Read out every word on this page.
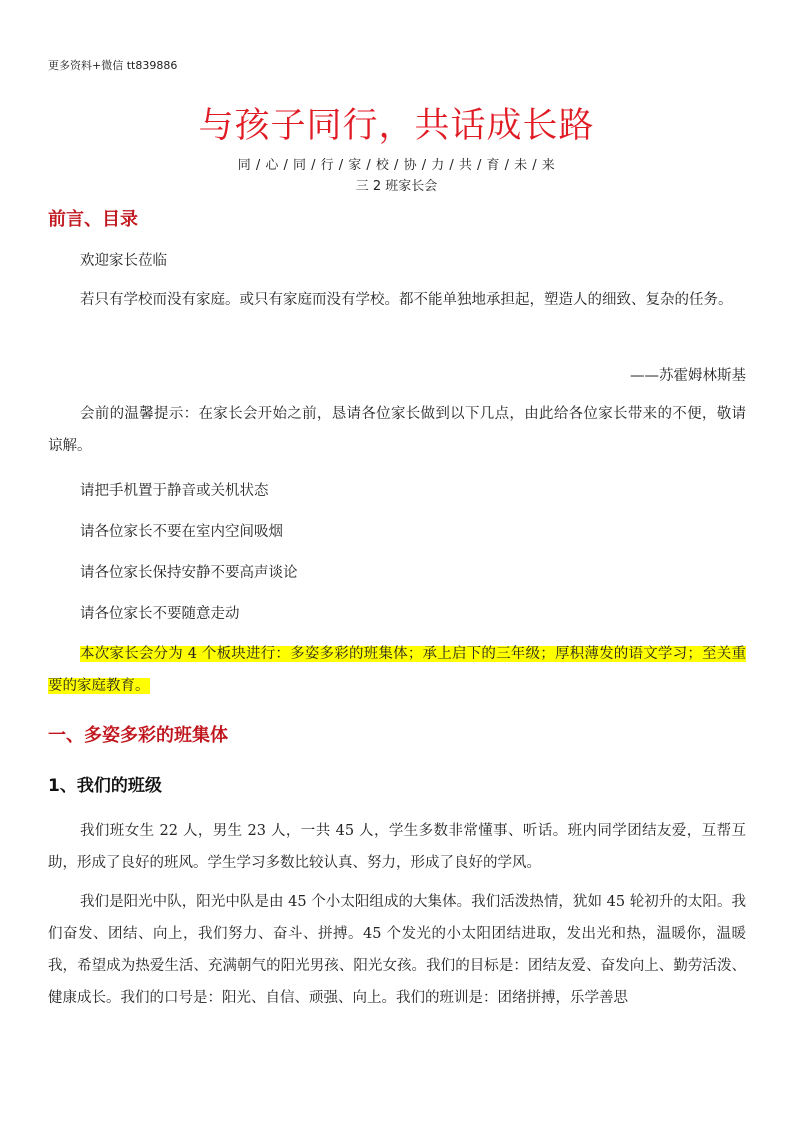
更多资料+微信 tt839886
与孩子同行，共话成长路
同 / 心 / 同 / 行 / 家 / 校 / 协 / 力 / 共 / 育 / 未 / 来
三 2 班家长会
前言、目录
欢迎家长莅临
若只有学校而没有家庭。或只有家庭而没有学校。都不能单独地承担起，塑造人的细致、复杂的任务。
——苏霍姆林斯基
会前的温馨提示：在家长会开始之前，恳请各位家长做到以下几点，由此给各位家长带来的不便，敬请谅解。
请把手机置于静音或关机状态
请各位家长不要在室内空间吸烟
请各位家长保持安静不要高声谈论
请各位家长不要随意走动
本次家长会分为 4 个板块进行：多姿多彩的班集体；承上启下的三年级；厚积薄发的语文学习；至关重要的家庭教育。
一、多姿多彩的班集体
1、我们的班级
我们班女生 22 人，男生 23 人，一共 45 人，学生多数非常懂事、听话。班内同学团结友爱，互帮互助，形成了良好的班风。学生学习多数比较认真、努力，形成了良好的学风。
我们是阳光中队，阳光中队是由 45 个小太阳组成的大集体。我们活泼热情，犹如 45 轮初升的太阳。我们奋发、团结、向上，我们努力、奋斗、拼搏。45 个发光的小太阳团结进取，发出光和热，温暖你，温暖我，希望成为热爱生活、充满朝气的阳光男孩、阳光女孩。我们的目标是：团结友爱、奋发向上、勤劳活泼、健康成长。我们的口号是：阳光、自信、顽强、向上。我们的班训是：团绪拼搏，乐学善思
